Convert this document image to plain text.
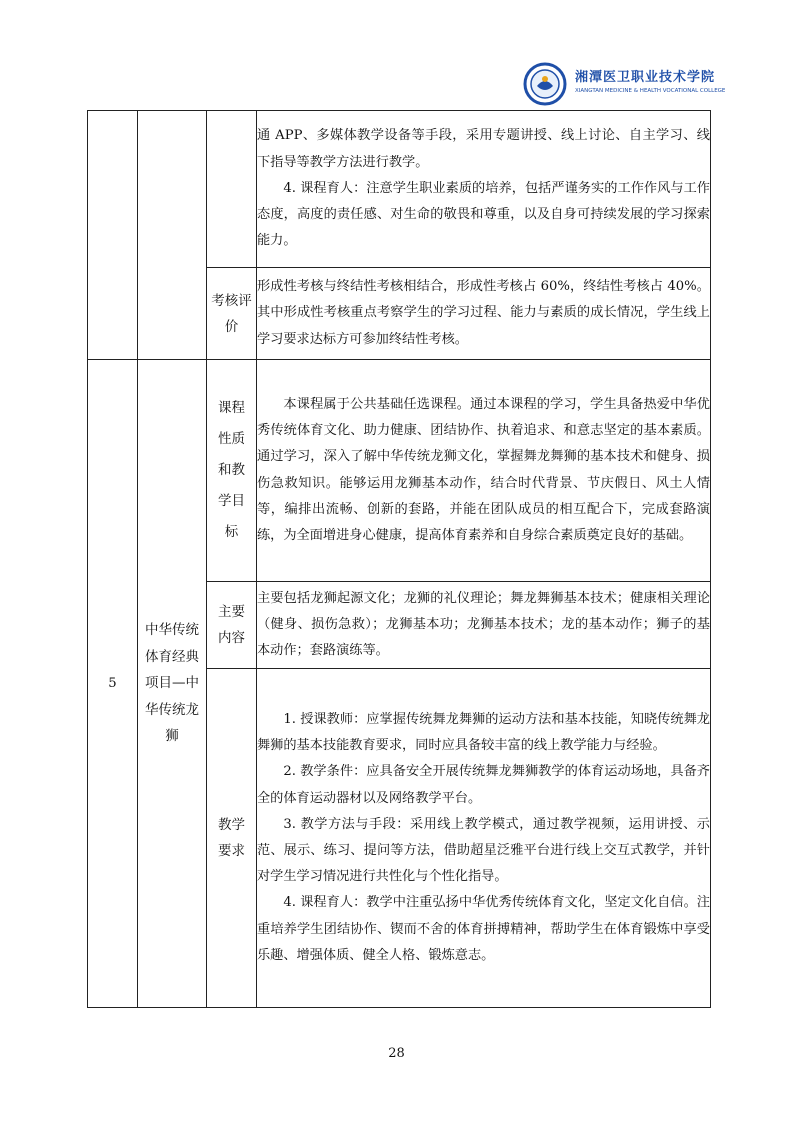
湘潭医卫职业技术学院
XIANGTAN MEDICINE & HEALTH VOCATIONAL COLLEGE

			通 APP、多媒体教学设备等手段，采用专题讲授、线上讨论、自主学习、线下指导等教学方法进行教学。

4. 课程育人：注意学生职业素质的培养，包括严谨务实的工作作风与工作态度，高度的责任感、对生命的敬畏和尊重，以及自身可持续发展的学习探索能力。

		考核评价	形成性考核与终结性考核相结合，形成性考核占 60%，终结性考核占 40%。其中形成性考核重点考察学生的学习过程、能力与素质的成长情况，学生线上学习要求达标方可参加终结性考核。
5	中华传统体育经典项目—中华传统龙狮	课程性质和教学目标	本课程属于公共基础任选课程。通过本课程的学习，学生具备热爱中华优秀传统体育文化、助力健康、团结协作、执着追求、和意志坚定的基本素质。通过学习，深入了解中华传统龙狮文化，掌握舞龙舞狮的基本技术和健身、损伤急救知识。能够运用龙狮基本动作，结合时代背景、节庆假日、风土人情等，编排出流畅、创新的套路，并能在团队成员的相互配合下，完成套路演练，为全面增进身心健康，提高体育素养和自身综合素质奠定良好的基础。

		主要内容	主要包括龙狮起源文化；龙狮的礼仪理论；舞龙舞狮基本技术；健康相关理论（健身、损伤急救）；龙狮基本功；龙狮基本技术；龙的基本动作；狮子的基本动作；套路演练等。

		教学要求	1. 授课教师：应掌握传统舞龙舞狮的运动方法和基本技能，知晓传统舞龙舞狮的基本技能教育要求，同时应具备较丰富的线上教学能力与经验。

2. 教学条件：应具备安全开展传统舞龙舞狮教学的体育运动场地，具备齐全的体育运动器材以及网络教学平台。

3. 教学方法与手段：采用线上教学模式，通过教学视频，运用讲授、示范、展示、练习、提问等方法，借助超星泛雅平台进行线上交互式教学，并针对学生学习情况进行共性化与个性化指导。

4. 课程育人：教学中注重弘扬中华优秀传统体育文化，坚定文化自信。注重培养学生团结协作、锲而不舍的体育拼搏精神，帮助学生在体育锻炼中享受乐趣、增强体质、健全人格、锻炼意志。

28
